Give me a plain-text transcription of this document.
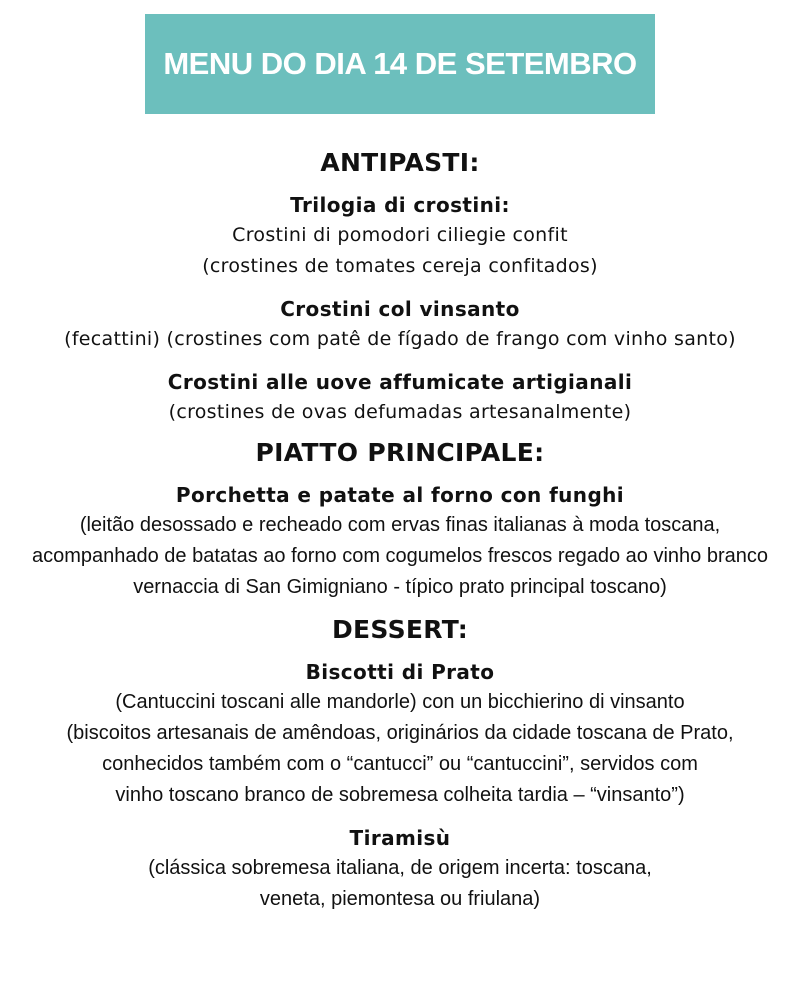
MENU DO DIA 14 DE SETEMBRO
ANTIPASTI:
Trilogia di crostini:
Crostini di pomodori ciliegie confit
(crostines de tomates cereja confitados)
Crostini col vinsanto
(fecattini) (crostines com patê de fígado de frango com vinho santo)
Crostini alle uove affumicate artigianali
(crostines de ovas defumadas artesanalmente)
PIATTO PRINCIPALE:
Porchetta e patate al forno con funghi
(leitão desossado e recheado com ervas finas italianas à moda toscana,
acompanhado de batatas ao forno com cogumelos frescos regado ao vinho branco
vernaccia di San Gimigniano - típico prato principal toscano)
DESSERT:
Biscotti di Prato
(Cantuccini toscani alle mandorle) con un bicchierino di vinsanto
(biscoitos artesanais de amêndoas, originários da cidade toscana de Prato,
conhecidos também com o “cantucci” ou “cantuccini”, servidos com
vinho toscano branco de sobremesa colheita tardia – “vinsanto”)
Tiramisù
(clássica sobremesa italiana, de origem incerta: toscana,
veneta, piemontesa ou friulana)
